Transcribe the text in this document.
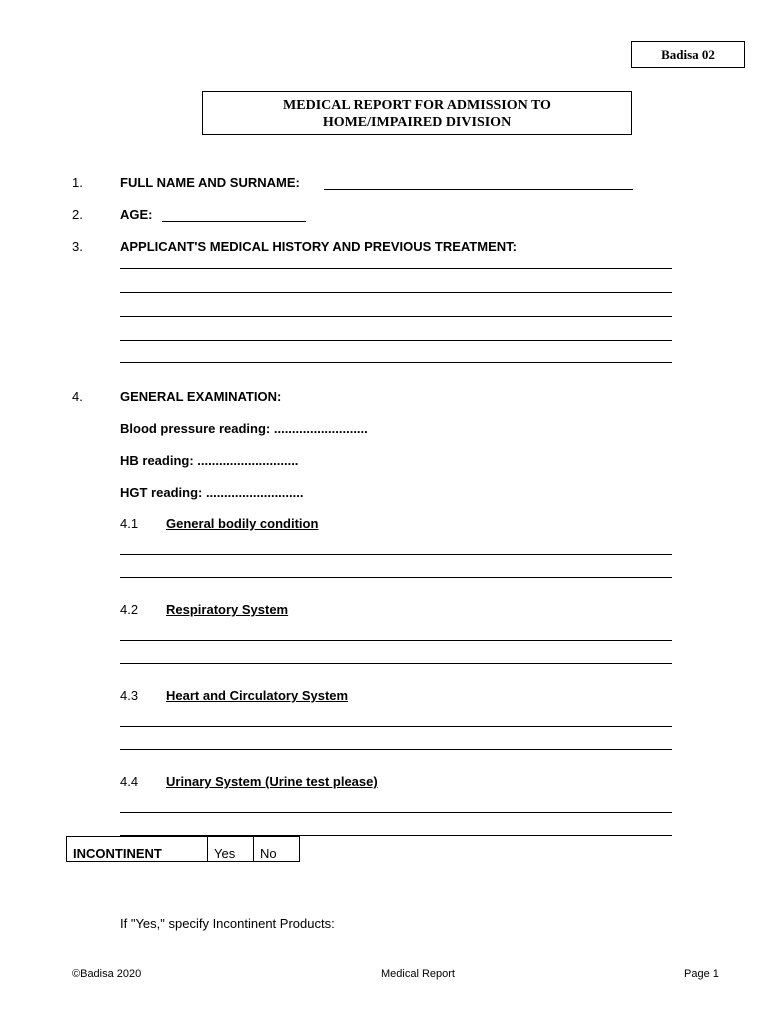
Badisa 02
MEDICAL REPORT FOR ADMISSION TO
HOME/IMPAIRED DIVISION
1.	FULL NAME AND SURNAME:
2.	AGE:
3.	APPLICANT'S MEDICAL HISTORY AND PREVIOUS TREATMENT:
4.	GENERAL EXAMINATION:
Blood pressure reading: ..........................
HB reading: ............................
HGT reading: ...........................
4.1 General bodily condition
4.2 Respiratory System
4.3 Heart and Circulatory System
4.4 Urinary System (Urine test please)
INCONTINENT	Yes	No
If "Yes," specify Incontinent Products:
©Badisa 2020	Medical Report	Page 1
